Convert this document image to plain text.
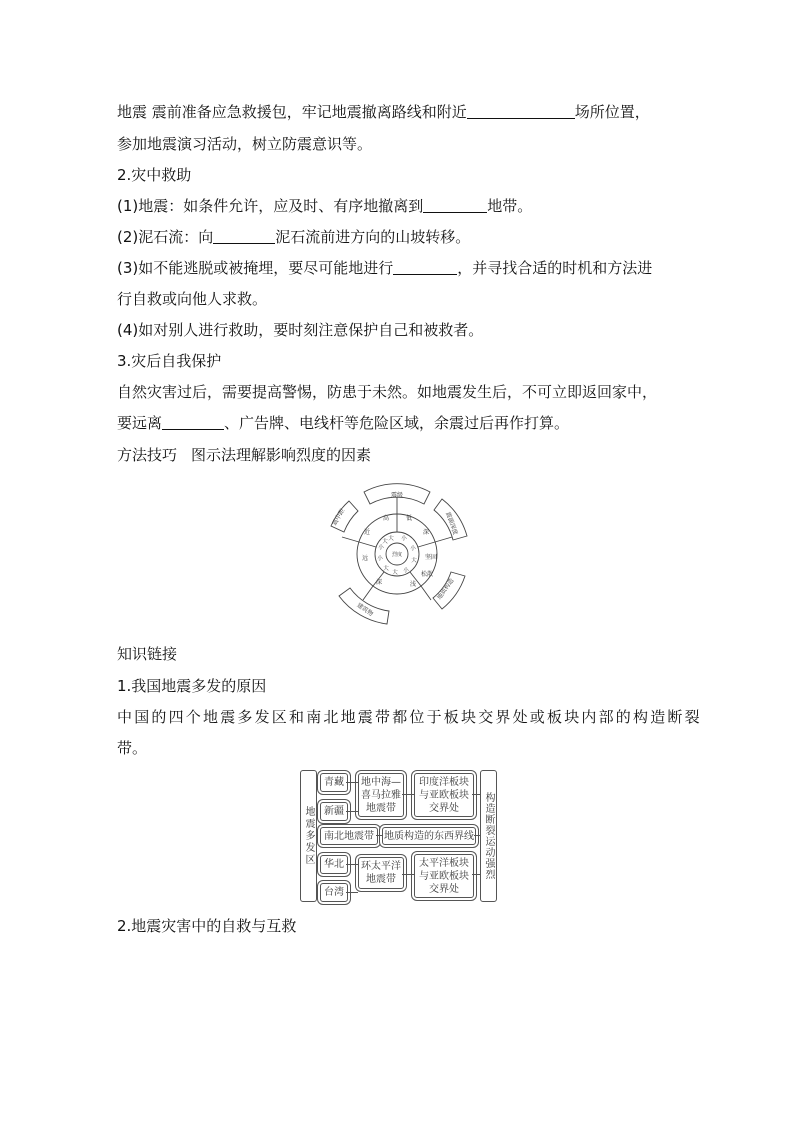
地震 震前准备应急救援包，牢记地震撤离路线和附近	场所位置，
参加地震演习活动，树立防震意识等。
2.灾中救助
(1)地震：如条件允许，应及时、有序地撤离到	地带。
(2)泥石流：向	泥石流前进方向的山坡转移。
(3)如不能逃脱或被掩埋，要尽可能地进行	，并寻找合适的时机和方法进
行自救或向他人求救。
(4)如对别人进行救助，要时刻注意保护自己和被救者。
3.灾后自我保护
自然灾害过后，需要提高警惕，防患于未然。如地震发生后，不可立即返回家中，
要远离	、广告牌、电线杆等危险区域，余震过后再作打算。
方法技巧 图示法理解影响烈度的因素
烈度
震级
震源深度
地质构造
建筑物
震中距	高	低
深
坚固
浅
松散
深
远
近
大 小
小
大
小
大
大
小
小
大
知识链接
1.我国地震多发的原因
中国的四个地震多发区和南北地震带都位于板块交界处或板块内部的构造断裂
带。
地震多发区
青藏
新疆
南北地震带
华北
台湾
地中海—喜马拉雅地震带
地质构造的东西界线
环太平洋地震带
印度洋板块与亚欧板块交界处
太平洋板块与亚欧板块交界处
构造断裂运动强烈
2.地震灾害中的自救与互救
